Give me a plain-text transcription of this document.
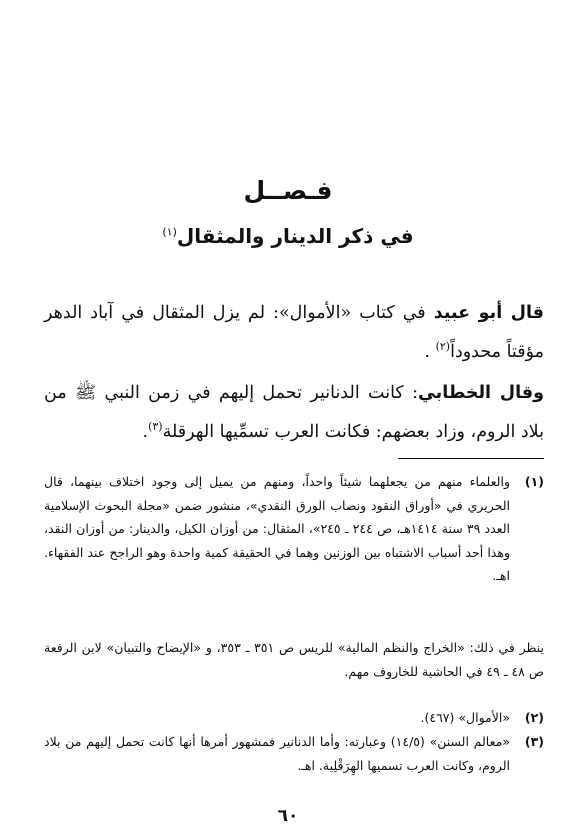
فـصــل
في ذكر الدينار والمثقال$^{(١)}$
قال أبو عبيد في كتاب «الأموال»: لم يزل المثقال في آباد الدهر مؤقتاً محدوداً$^{(٢)}$ .
وقال الخطابي: كانت الدنانير تحمل إليهم في زمن النبي ﷺ من بلاد الروم، وزاد بعضهم: فكانت العرب تسمِّيها الهرقلة$^{(٣)}$.
(١)
والعلماء منهم من يجعلهما شيئاً واحداً، ومنهم من يميل إلى وجود اختلاف بينهما، قال الحريري في «أوراق النقود ونصاب الورق النقدي»، منشور ضمن «مجلة البحوث الإسلامية العدد ٣٩ سنة ١٤١٤هـ، ص ٢٤٤ ـ ٢٤٥»، المثقال: من أوزان الكيل، والدينار: من أوزان النقد، وهذا أحد أسباب الاشتباه بين الوزنين وهما في الحقيقة كمية واحدة وهو الراجح عند الفقهاء. اهـ.
ينظر في ذلك: «الخراج والنظم المالية» للريس ص ٣٥١ ـ ٣٥٣، و «الإيضاح والتبيان» لابن الرفعة ص ٤٨ ـ ٤٩ في الحاشية للخاروف مهم.
(٢)
«الأموال» (٤٦٧).
(٣)
«معالم السنن» (١٤/٥) وعبارته: وأما الدنانير فمشهور أمرها أنها كانت تحمل إليهم من بلاد الروم، وكانت العرب تسميها الهِرَقْلِية. اهـ.
٦٠
